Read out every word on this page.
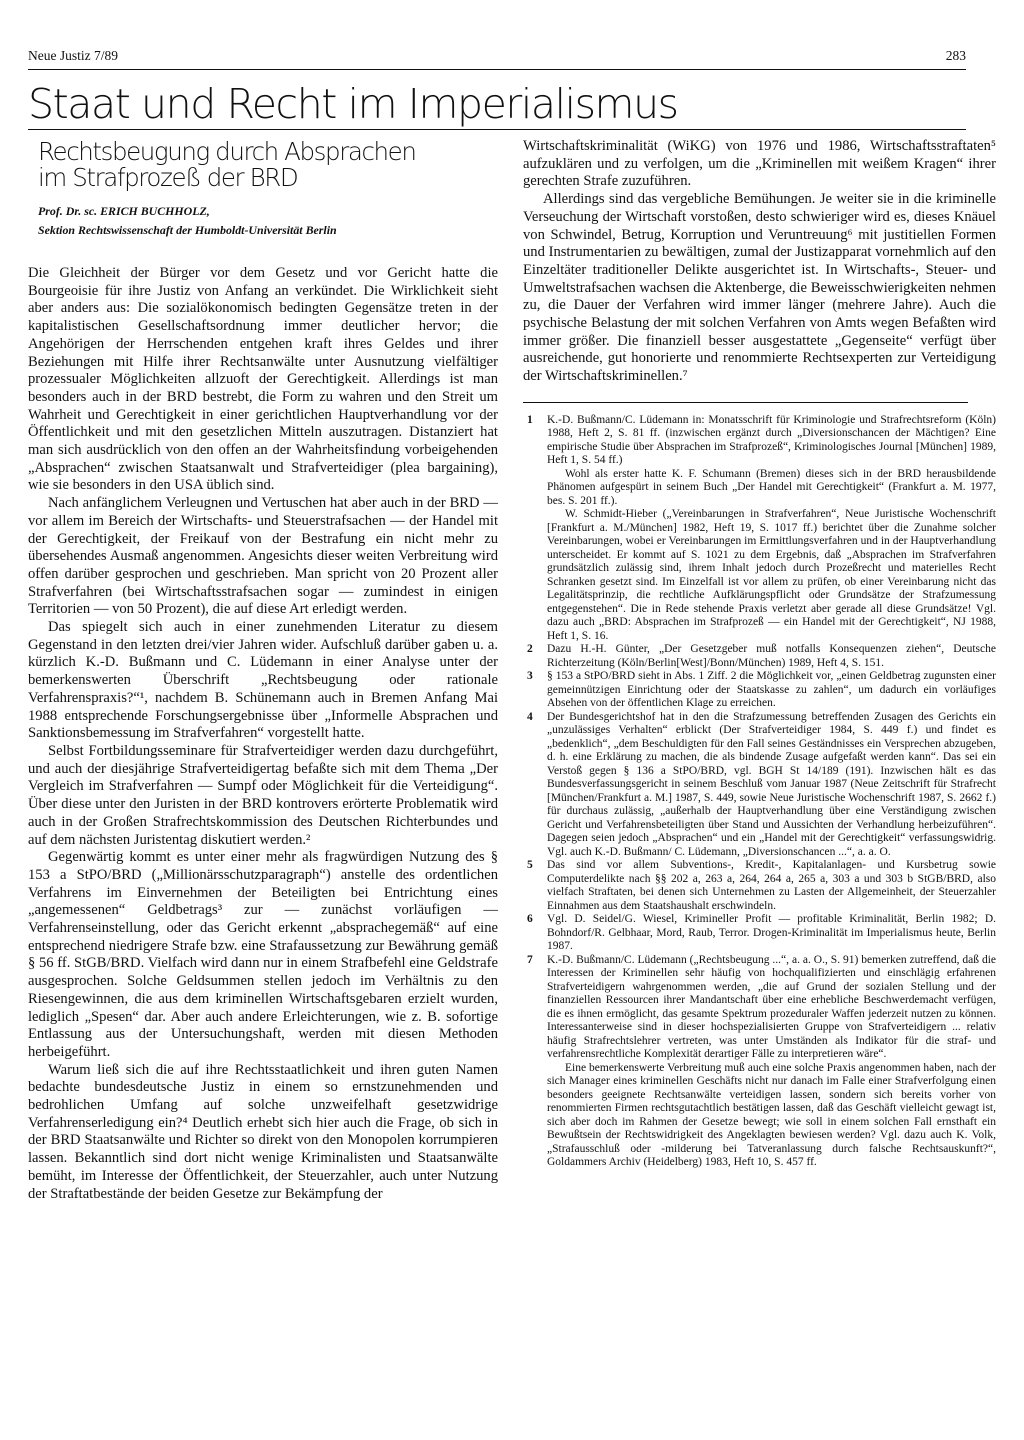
Neue Justiz 7/89	283
Staat und Recht im Imperialismus
Rechtsbeugung durch Absprachen
im Strafprozeß der BRD
Prof. Dr. sc. ERICH BUCHHOLZ,
Sektion Rechtswissenschaft der Humboldt-Universität Berlin

Die Gleichheit der Bürger vor dem Gesetz und vor Gericht hatte die Bourgeoisie für ihre Justiz von Anfang an verkündet. Die Wirklichkeit sieht aber anders aus: Die sozialökonomisch bedingten Gegensätze treten in der kapitalistischen Gesellschaftsordnung immer deutlicher hervor; die Angehörigen der Herrschenden entgehen kraft ihres Geldes und ihrer Beziehungen mit Hilfe ihrer Rechtsanwälte unter Ausnutzung vielfältiger prozessualer Möglichkeiten allzuoft der Gerechtigkeit. Allerdings ist man besonders auch in der BRD bestrebt, die Form zu wahren und den Streit um Wahrheit und Gerechtigkeit in einer gerichtlichen Hauptverhandlung vor der Öffentlichkeit und mit den gesetzlichen Mitteln auszutragen. Distanziert hat man sich ausdrücklich von den offen an der Wahrheitsfindung vorbeigehenden „Absprachen“ zwischen Staatsanwalt und Strafverteidiger (plea bargaining), wie sie besonders in den USA üblich sind.

Nach anfänglichem Verleugnen und Vertuschen hat aber auch in der BRD — vor allem im Bereich der Wirtschafts- und Steuerstrafsachen — der Handel mit der Gerechtigkeit, der Freikauf von der Bestrafung ein nicht mehr zu übersehendes Ausmaß angenommen. Angesichts dieser weiten Verbreitung wird offen darüber gesprochen und geschrieben. Man spricht von 20 Prozent aller Strafverfahren (bei Wirtschaftsstrafsachen sogar — zumindest in einigen Territorien — von 50 Prozent), die auf diese Art erledigt werden.

Das spiegelt sich auch in einer zunehmenden Literatur zu diesem Gegenstand in den letzten drei/vier Jahren wider. Aufschluß darüber gaben u. a. kürzlich K.-D. Bußmann und C. Lüdemann in einer Analyse unter der bemerkenswerten Überschrift „Rechtsbeugung oder rationale Verfahrenspraxis?“¹, nachdem B. Schünemann auch in Bremen Anfang Mai 1988 entsprechende Forschungsergebnisse über „Informelle Absprachen und Sanktionsbemessung im Strafverfahren“ vorgestellt hatte.

Selbst Fortbildungsseminare für Strafverteidiger werden dazu durchgeführt, und auch der diesjährige Strafverteidigertag befaßte sich mit dem Thema „Der Vergleich im Strafverfahren — Sumpf oder Möglichkeit für die Verteidigung“. Über diese unter den Juristen in der BRD kontrovers erörterte Problematik wird auch in der Großen Strafrechtskommission des Deutschen Richterbundes und auf dem nächsten Juristentag diskutiert werden.²

Gegenwärtig kommt es unter einer mehr als fragwürdigen Nutzung des § 153 a StPO/BRD („Millionärsschutzparagraph“) anstelle des ordentlichen Verfahrens im Einvernehmen der Beteiligten bei Entrichtung eines „angemessenen“ Geldbetrags³ zur — zunächst vorläufigen — Verfahrenseinstellung, oder das Gericht erkennt „absprachegemäß“ auf eine entsprechend niedrigere Strafe bzw. eine Strafaussetzung zur Bewährung gemäß § 56 ff. StGB/BRD. Vielfach wird dann nur in einem Strafbefehl eine Geldstrafe ausgesprochen. Solche Geldsummen stellen jedoch im Verhältnis zu den Riesengewinnen, die aus dem kriminellen Wirtschaftsgebaren erzielt wurden, lediglich „Spesen“ dar. Aber auch andere Erleichterungen, wie z. B. sofortige Entlassung aus der Untersuchungshaft, werden mit diesen Methoden herbeigeführt.

Warum ließ sich die auf ihre Rechtsstaatlichkeit und ihren guten Namen bedachte bundesdeutsche Justiz in einem so ernstzunehmenden und bedrohlichen Umfang auf solche unzweifelhaft gesetzwidrige Verfahrenserledigung ein?⁴ Deutlich erhebt sich hier auch die Frage, ob sich in der BRD Staatsanwälte und Richter so direkt von den Monopolen korrumpieren lassen. Bekanntlich sind dort nicht wenige Kriminalisten und Staatsanwälte bemüht, im Interesse der Öffentlichkeit, der Steuerzahler, auch unter Nutzung der Straftatbestände der beiden Gesetze zur Bekämpfung der

Wirtschaftskriminalität (WiKG) von 1976 und 1986, Wirtschaftsstraftaten⁵ aufzuklären und zu verfolgen, um die „Kriminellen mit weißem Kragen“ ihrer gerechten Strafe zuzuführen.

Allerdings sind das vergebliche Bemühungen. Je weiter sie in die kriminelle Verseuchung der Wirtschaft vorstoßen, desto schwieriger wird es, dieses Knäuel von Schwindel, Betrug, Korruption und Veruntreuung⁶ mit justitiellen Formen und Instrumentarien zu bewältigen, zumal der Justizapparat vornehmlich auf den Einzeltäter traditioneller Delikte ausgerichtet ist. In Wirtschafts-, Steuer- und Umweltstrafsachen wachsen die Aktenberge, die Beweisschwierigkeiten nehmen zu, die Dauer der Verfahren wird immer länger (mehrere Jahre). Auch die psychische Belastung der mit solchen Verfahren von Amts wegen Befaßten wird immer größer. Die finanziell besser ausgestattete „Gegenseite“ verfügt über ausreichende, gut honorierte und renommierte Rechtsexperten zur Verteidigung der Wirtschaftskriminellen.⁷

1	K.-D. Bußmann/C. Lüdemann in: Monatsschrift für Kriminologie und Strafrechtsreform (Köln) 1988, Heft 2, S. 81 ff. (inzwischen ergänzt durch „Diversionschancen der Mächtigen? Eine empirische Studie über Absprachen im Strafprozeß“, Kriminologisches Journal [München] 1989, Heft 1, S. 54 ff.)
Wohl als erster hatte K. F. Schumann (Bremen) dieses sich in der BRD herausbildende Phänomen aufgespürt in seinem Buch „Der Handel mit Gerechtigkeit“ (Frankfurt a. M. 1977, bes. S. 201 ff.).
W. Schmidt-Hieber („Vereinbarungen in Strafverfahren“, Neue Juristische Wochenschrift [Frankfurt a. M./München] 1982, Heft 19, S. 1017 ff.) berichtet über die Zunahme solcher Vereinbarungen, wobei er Vereinbarungen im Ermittlungsverfahren und in der Hauptverhandlung unterscheidet. Er kommt auf S. 1021 zu dem Ergebnis, daß „Absprachen im Strafverfahren grundsätzlich zulässig sind, ihrem Inhalt jedoch durch Prozeßrecht und materielles Recht Schranken gesetzt sind. Im Einzelfall ist vor allem zu prüfen, ob einer Vereinbarung nicht das Legalitätsprinzip, die rechtliche Aufklärungspflicht oder Grundsätze der Strafzumessung entgegenstehen“. Die in Rede stehende Praxis verletzt aber gerade all diese Grundsätze! Vgl. dazu auch „BRD: Absprachen im Strafprozeß — ein Handel mit der Gerechtigkeit“, NJ 1988, Heft 1, S. 16.
2	Dazu H.-H. Günter, „Der Gesetzgeber muß notfalls Konsequenzen ziehen“, Deutsche Richterzeitung (Köln/Berlin[West]/Bonn/München) 1989, Heft 4, S. 151.
3	§ 153 a StPO/BRD sieht in Abs. 1 Ziff. 2 die Möglichkeit vor, „einen Geldbetrag zugunsten einer gemeinnützigen Einrichtung oder der Staatskasse zu zahlen“, um dadurch ein vorläufiges Absehen von der öffentlichen Klage zu erreichen.
4	Der Bundesgerichtshof hat in den die Strafzumessung betreffenden Zusagen des Gerichts ein „unzulässiges Verhalten“ erblickt (Der Strafverteidiger 1984, S. 449 f.) und findet es „bedenklich“, „dem Beschuldigten für den Fall seines Geständnisses ein Versprechen abzugeben, d. h. eine Erklärung zu machen, die als bindende Zusage aufgefaßt werden kann“. Das sei ein Verstoß gegen § 136 a StPO/BRD, vgl. BGH St 14/189 (191). Inzwischen hält es das Bundesverfassungsgericht in seinem Beschluß vom Januar 1987 (Neue Zeitschrift für Strafrecht [München/Frankfurt a. M.] 1987, S. 449, sowie Neue Juristische Wochenschrift 1987, S. 2662 f.) für durchaus zulässig, „außerhalb der Hauptverhandlung über eine Verständigung zwischen Gericht und Verfahrensbeteiligten über Stand und Aussichten der Verhandlung herbeizuführen“. Dagegen seien jedoch „Absprachen“ und ein „Handel mit der Gerechtigkeit“ verfassungswidrig. Vgl. auch K.-D. Bußmann/ C. Lüdemann, „Diversionschancen ...“, a. a. O.
5	Das sind vor allem Subventions-, Kredit-, Kapitalanlagen- und Kursbetrug sowie Computerdelikte nach §§ 202 a, 263 a, 264, 264 a, 265 a, 303 a und 303 b StGB/BRD, also vielfach Straftaten, bei denen sich Unternehmen zu Lasten der Allgemeinheit, der Steuerzahler Einnahmen aus dem Staatshaushalt erschwindeln.
6	Vgl. D. Seidel/G. Wiesel, Krimineller Profit — profitable Kriminalität, Berlin 1982; D. Bohndorf/R. Gelbhaar, Mord, Raub, Terror. Drogen-Kriminalität im Imperialismus heute, Berlin 1987.
7	K.-D. Bußmann/C. Lüdemann („Rechtsbeugung ...“, a. a. O., S. 91) bemerken zutreffend, daß die Interessen der Kriminellen sehr häufig von hochqualifizierten und einschlägig erfahrenen Strafverteidigern wahrgenommen werden, „die auf Grund der sozialen Stellung und der finanziellen Ressourcen ihrer Mandantschaft über eine erhebliche Beschwerdemacht verfügen, die es ihnen ermöglicht, das gesamte Spektrum prozeduraler Waffen jederzeit nutzen zu können. Interessanterweise sind in dieser hochspezialisierten Gruppe von Strafverteidigern ... relativ häufig Strafrechtslehrer vertreten, was unter Umständen als Indikator für die straf- und verfahrensrechtliche Komplexität derartiger Fälle zu interpretieren wäre“.
Eine bemerkenswerte Verbreitung muß auch eine solche Praxis angenommen haben, nach der sich Manager eines kriminellen Geschäfts nicht nur danach im Falle einer Strafverfolgung einen besonders geeignete Rechtsanwälte verteidigen lassen, sondern sich bereits vorher von renommierten Firmen rechtsgutachtlich bestätigen lassen, daß das Geschäft vielleicht gewagt ist, sich aber doch im Rahmen der Gesetze bewegt; wie soll in einem solchen Fall ernsthaft ein Bewußtsein der Rechtswidrigkeit des Angeklagten bewiesen werden? Vgl. dazu auch K. Volk, „Strafausschluß oder -milderung bei Tatveranlassung durch falsche Rechtsauskunft?“, Goldammers Archiv (Heidelberg) 1983, Heft 10, S. 457 ff.
